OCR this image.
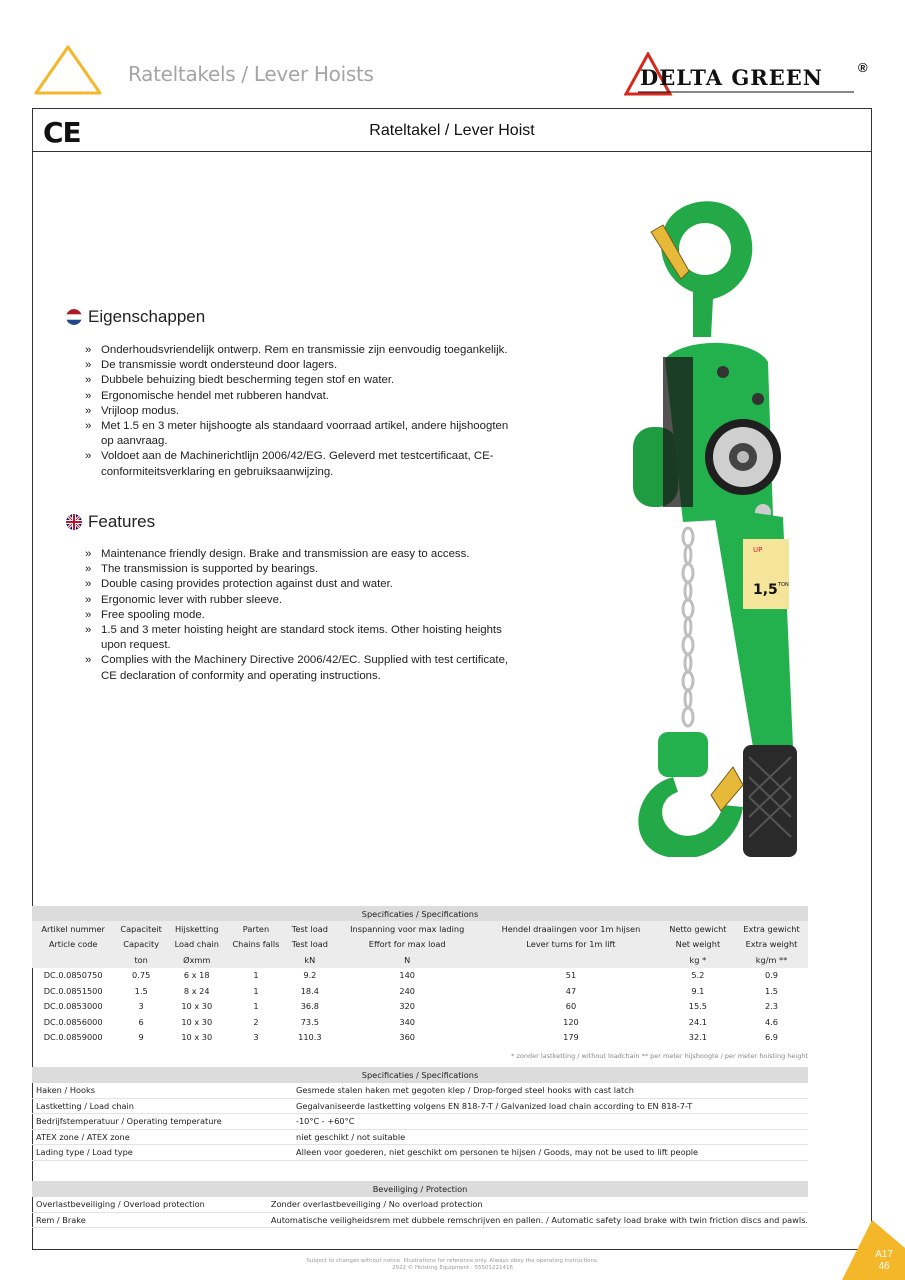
Rateltakels / Lever Hoists	DELTA GREEN	®
CE	Rateltakel / Lever Hoist
Eigenschappen
» Onderhoudsvriendelijk ontwerp. Rem en transmissie zijn eenvoudig toegankelijk.
» De transmissie wordt ondersteund door lagers.
» Dubbele behuizing biedt bescherming tegen stof en water.
» Ergonomische hendel met rubberen handvat.
» Vrijloop modus.
» Met 1.5 en 3 meter hijshoogte als standaard voorraad artikel, andere hijshoogten op aanvraag.
» Voldoet aan de Machinerichtlijn 2006/42/EG. Geleverd met testcertificaat, CE-conformiteitsverklaring en gebruiksaanwijzing.
Features
» Maintenance friendly design. Brake and transmission are easy to access.
» The transmission is supported by bearings.
» Double casing provides protection against dust and water.
» Ergonomic lever with rubber sleeve.
» Free spooling mode.
» 1.5 and 3 meter hoisting height are standard stock items. Other hoisting heights upon request.
» Complies with the Machinery Directive 2006/42/EC. Supplied with test certificate, CE declaration of conformity and operating instructions.
UP
1,5 TON
Specificaties / Specifications								
Artikel nummer	Capaciteit	Hijsketting	Parten	Test load	Inspanning voor max lading	Hendel draaiingen voor 1m hijsen	Netto gewicht	Extra gewicht
Article code	Capacity	Load chain	Chains falls	Test load	Effort for max load	Lever turns for 1m lift	Net weight	Extra weight
	ton	Øxmm		kN	N		kg *	kg/m **
DC.0.0850750	0.75	6 x 18	1	9.2	140	51	5.2	0.9
DC.0.0851500	1.5	8 x 24	1	18.4	240	47	9.1	1.5
DC.0.0853000	3	10 x 30	1	36.8	320	60	15.5	2.3
DC.0.0856000	6	10 x 30	2	73.5	340	120	24.1	4.6
DC.0.0859000	9	10 x 30	3	110.3	360	179	32.1	6.9
* zonder lastketting / without loadchain ** per meter hijshoogte / per meter hoisting height
Specificaties / Specifications	
Haken / Hooks	Gesmede stalen haken met gegoten klep / Drop-forged steel hooks with cast latch
Lastketting / Load chain	Gegalvaniseerde lastketting volgens EN 818-7-T / Galvanized load chain according to EN 818-7-T
Bedrijfstemperatuur / Operating temperature	-10°C - +60°C
ATEX zone / ATEX zone	niet geschikt / not suitable
Lading type / Load type	Alleen voor goederen, niet geschikt om personen te hijsen / Goods, may not be used to lift people
Beveiliging / Protection	
Overlastbeveiliging / Overload protection	Zonder overlastbeveiliging / No overload protection
Rem / Brake	Automatische veiligheidsrem met dubbele remschrijven en pallen. / Automatic safety load brake with twin friction discs and pawls.
Subject to changes without notice. Illustrations for reference only. Always obey the operating instructions.
2022 © Hoisting Equipment · 55501221416
A17
46
